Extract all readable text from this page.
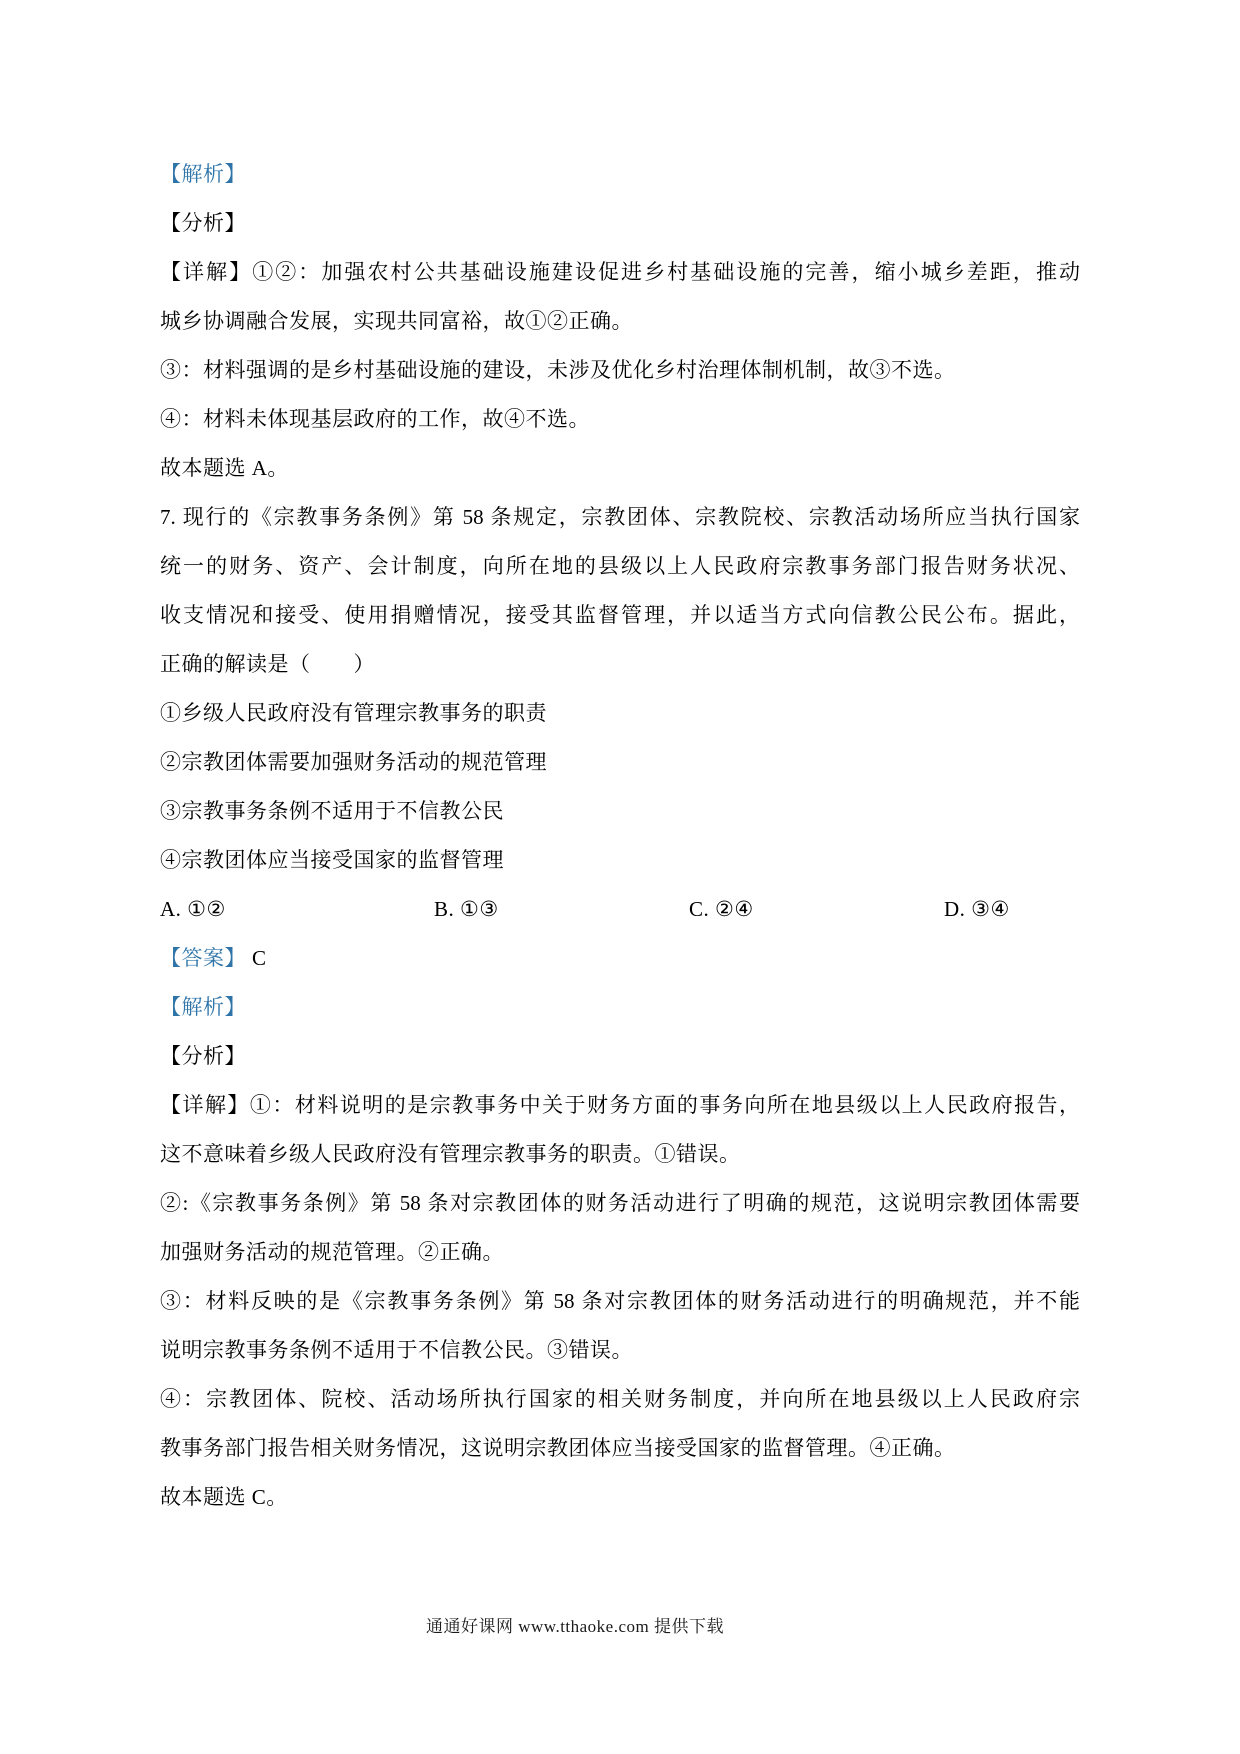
【解析】
【分析】
【详解】①②：加强农村公共基础设施建设促进乡村基础设施的完善，缩小城乡差距，推动
城乡协调融合发展，实现共同富裕，故①②正确。
③：材料强调的是乡村基础设施的建设，未涉及优化乡村治理体制机制，故③不选。
④：材料未体现基层政府的工作，故④不选。
故本题选 A。
7. 现行的《宗教事务条例》第 58 条规定，宗教团体、宗教院校、宗教活动场所应当执行国家
统一的财务、资产、会计制度，向所在地的县级以上人民政府宗教事务部门报告财务状况、
收支情况和接受、使用捐赠情况，接受其监督管理，并以适当方式向信教公民公布。据此，
正确的解读是（　　）
①乡级人民政府没有管理宗教事务的职责
②宗教团体需要加强财务活动的规范管理
③宗教事务条例不适用于不信教公民
④宗教团体应当接受国家的监督管理
A. ①②	B. ①③	C. ②④	D. ③④
【答案】 C
【解析】
【分析】
【详解】①：材料说明的是宗教事务中关于财务方面的事务向所在地县级以上人民政府报告，
这不意味着乡级人民政府没有管理宗教事务的职责。①错误。
②:《宗教事务条例》第 58 条对宗教团体的财务活动进行了明确的规范，这说明宗教团体需要
加强财务活动的规范管理。②正确。
③：材料反映的是《宗教事务条例》第 58 条对宗教团体的财务活动进行的明确规范，并不能
说明宗教事务条例不适用于不信教公民。③错误。
④：宗教团体、院校、活动场所执行国家的相关财务制度，并向所在地县级以上人民政府宗
教事务部门报告相关财务情况，这说明宗教团体应当接受国家的监督管理。④正确。
故本题选 C。
通通好课网 www.tthaoke.com 提供下载
